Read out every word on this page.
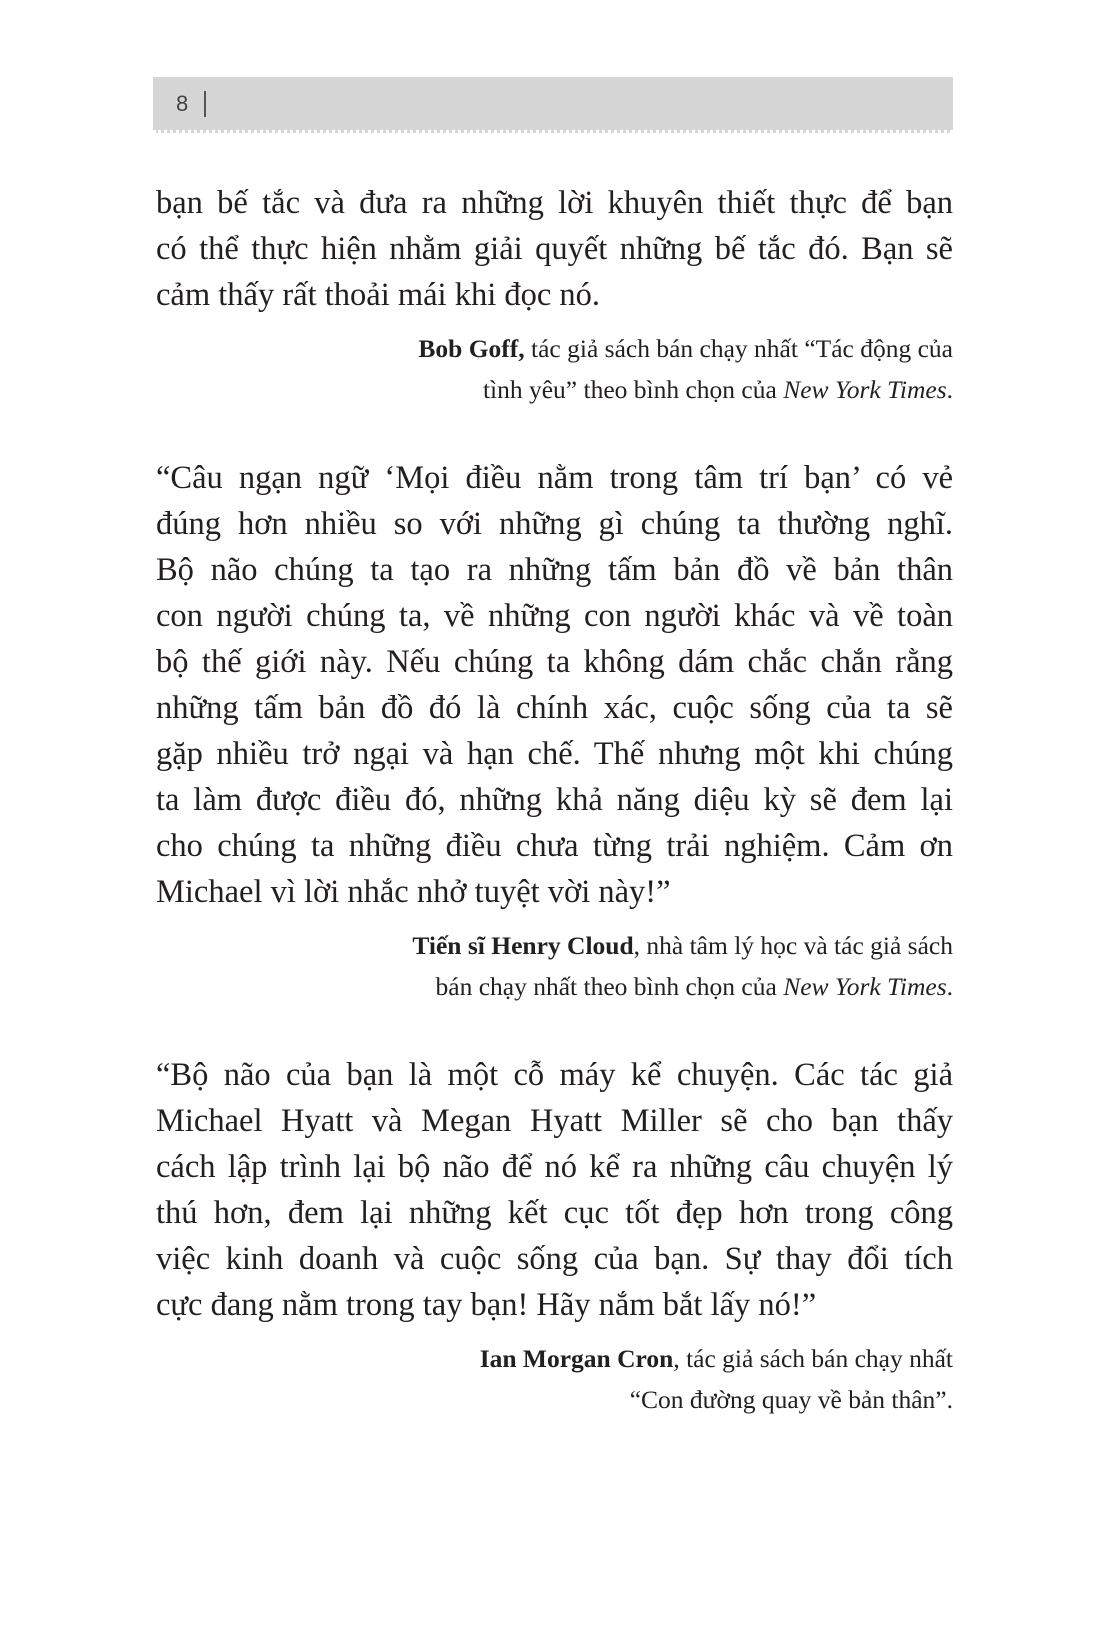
8
bạn bế tắc và đưa ra những lời khuyên thiết thực để bạn
có thể thực hiện nhằm giải quyết những bế tắc đó. Bạn sẽ
cảm thấy rất thoải mái khi đọc nó.
Bob Goff, tác giả sách bán chạy nhất “Tác động của
tình yêu” theo bình chọn của New York Times.
“Câu ngạn ngữ ‘Mọi điều nằm trong tâm trí bạn’ có vẻ
đúng hơn nhiều so với những gì chúng ta thường nghĩ.
Bộ não chúng ta tạo ra những tấm bản đồ về bản thân
con người chúng ta, về những con người khác và về toàn
bộ thế giới này. Nếu chúng ta không dám chắc chắn rằng
những tấm bản đồ đó là chính xác, cuộc sống của ta sẽ
gặp nhiều trở ngại và hạn chế. Thế nhưng một khi chúng
ta làm được điều đó, những khả năng diệu kỳ sẽ đem lại
cho chúng ta những điều chưa từng trải nghiệm. Cảm ơn
Michael vì lời nhắc nhở tuyệt vời này!”
Tiến sĩ Henry Cloud, nhà tâm lý học và tác giả sách
bán chạy nhất theo bình chọn của New York Times.
“Bộ não của bạn là một cỗ máy kể chuyện. Các tác giả
Michael Hyatt và Megan Hyatt Miller sẽ cho bạn thấy
cách lập trình lại bộ não để nó kể ra những câu chuyện lý
thú hơn, đem lại những kết cục tốt đẹp hơn trong công
việc kinh doanh và cuộc sống của bạn. Sự thay đổi tích
cực đang nằm trong tay bạn! Hãy nắm bắt lấy nó!”
Ian Morgan Cron, tác giả sách bán chạy nhất
“Con đường quay về bản thân”.
